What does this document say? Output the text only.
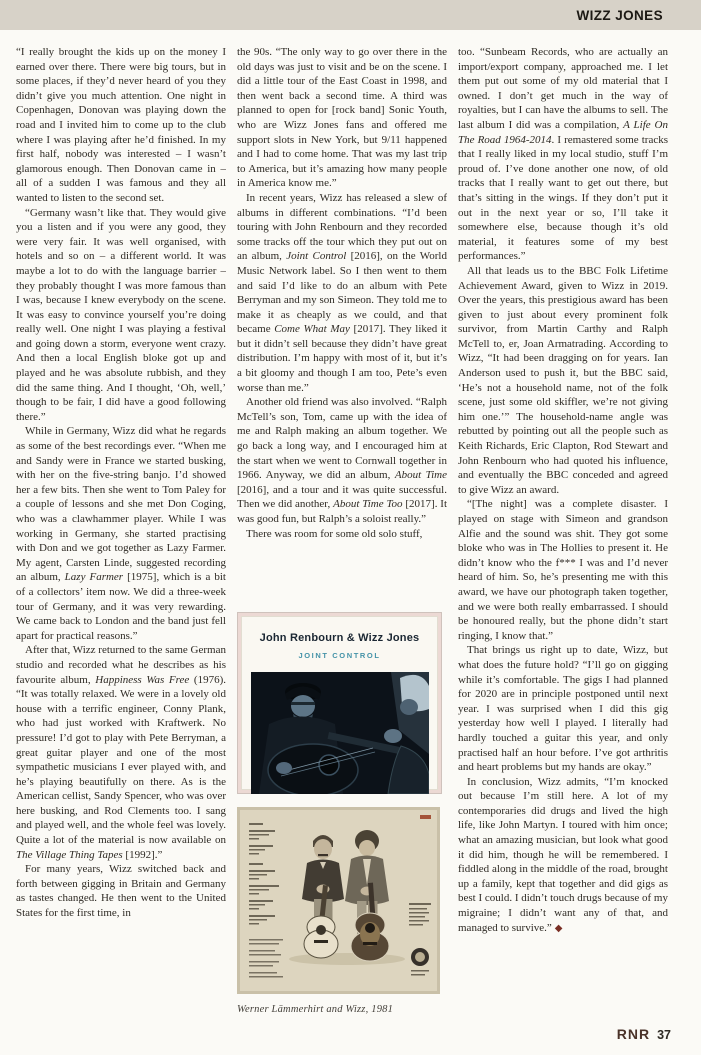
WIZZ JONES

“I really brought the kids up on the money I earned over there. There were big tours, but in some places, if they’d never heard of you they didn’t give you much attention. One night in Copenhagen, Donovan was playing down the road and I invited him to come up to the club where I was playing after he’d finished. In my first half, nobody was interested – I wasn’t glamorous enough. Then Donovan came in – all of a sudden I was famous and they all wanted to listen to the second set.

“Germany wasn’t like that. They would give you a listen and if you were any good, they were very fair. It was well organised, with hotels and so on – a different world. It was maybe a lot to do with the language barrier – they probably thought I was more famous than I was, because I knew everybody on the scene. It was easy to convince yourself you’re doing really well. One night I was playing a festival and going down a storm, everyone went crazy. And then a local English bloke got up and played and he was absolute rubbish, and they did the same thing. And I thought, ‘Oh, well,’ though to be fair, I did have a good following there.”

While in Germany, Wizz did what he regards as some of the best recordings ever. “When me and Sandy were in France we started busking, with her on the five-string banjo. I’d showed her a few bits. Then she went to Tom Paley for a couple of lessons and she met Don Coging, who was a clawhammer player. While I was working in Germany, she started practising with Don and we got together as Lazy Farmer. My agent, Carsten Linde, suggested recording an album, Lazy Farmer [1975], which is a bit of a collectors’ item now. We did a three-week tour of Germany, and it was very rewarding. We came back to London and the band just fell apart for practical reasons.”

After that, Wizz returned to the same German studio and recorded what he describes as his favourite album, Happiness Was Free (1976). “It was totally relaxed. We were in a lovely old house with a terrific engineer, Conny Plank, who had just worked with Kraftwerk. No pressure! I’d got to play with Pete Berryman, a great guitar player and one of the most sympathetic musicians I ever played with, and he’s playing beautifully on there. As is the American cellist, Sandy Spencer, who was over here busking, and Rod Clements too. I sang and played well, and the whole feel was lovely. Quite a lot of the material is now available on The Village Thing Tapes [1992].”

For many years, Wizz switched back and forth between gigging in Britain and Germany as tastes changed. He then went to the United States for the first time, in

the 90s. “The only way to go over there in the old days was just to visit and be on the scene. I did a little tour of the East Coast in 1998, and then went back a second time. A third was planned to open for [rock band] Sonic Youth, who are Wizz Jones fans and offered me support slots in New York, but 9/11 happened and I had to come home. That was my last trip to America, but it’s amazing how many people in America know me.”

In recent years, Wizz has released a slew of albums in different combinations. “I’d been touring with John Renbourn and they recorded some tracks off the tour which they put out on an album, Joint Control [2016], on the World Music Network label. So I then went to them and said I’d like to do an album with Pete Berryman and my son Simeon. They told me to make it as cheaply as we could, and that became Come What May [2017]. They liked it but it didn’t sell because they didn’t have great distribution. I’m happy with most of it, but it’s a bit gloomy and though I am too, Pete’s even worse than me.”

Another old friend was also involved. “Ralph McTell’s son, Tom, came up with the idea of me and Ralph making an album together. We go back a long way, and I encouraged him at the start when we went to Cornwall together in 1966. Anyway, we did an album, About Time [2016], and a tour and it was quite successful. Then we did another, About Time Too [2017]. It was good fun, but Ralph’s a soloist really.”

There was room for some old solo stuff,

John Renbourn & Wizz Jones
JOINT CONTROL
Werner Lämmerhirt and Wizz, 1981

too. “Sunbeam Records, who are actually an import/export company, approached me. I let them put out some of my old material that I owned. I don’t get much in the way of royalties, but I can have the albums to sell. The last album I did was a compilation, A Life On The Road 1964-2014. I remastered some tracks that I really liked in my local studio, stuff I’m proud of. I’ve done another one now, of old tracks that I really want to get out there, but that’s sitting in the wings. If they don’t put it out in the next year or so, I’ll take it somewhere else, because though it’s old material, it features some of my best performances.”

All that leads us to the BBC Folk Lifetime Achievement Award, given to Wizz in 2019. Over the years, this prestigious award has been given to just about every prominent folk survivor, from Martin Carthy and Ralph McTell to, er, Joan Armatrading. According to Wizz, “It had been dragging on for years. Ian Anderson used to push it, but the BBC said, ‘He’s not a household name, not of the folk scene, just some old skiffler, we’re not giving him one.’” The household-name angle was rebutted by pointing out all the people such as Keith Richards, Eric Clapton, Rod Stewart and John Renbourn who had quoted his influence, and eventually the BBC conceded and agreed to give Wizz an award.

“[The night] was a complete disaster. I played on stage with Simeon and grandson Alfie and the sound was shit. They got some bloke who was in The Hollies to present it. He didn’t know who the f*** I was and I’d never heard of him. So, he’s presenting me with this award, we have our photograph taken together, and we were both really embarrassed. I should be honoured really, but the phone didn’t start ringing, I know that.”

That brings us right up to date, Wizz, but what does the future hold? “I’ll go on gigging while it’s comfortable. The gigs I had planned for 2020 are in principle postponed until next year. I was surprised when I did this gig yesterday how well I played. I literally had hardly touched a guitar this year, and only practised half an hour before. I’ve got arthritis and heart problems but my hands are okay.”

In conclusion, Wizz admits, “I’m knocked out because I’m still here. A lot of my contemporaries did drugs and lived the high life, like John Martyn. I toured with him once; what an amazing musician, but look what good it did him, though he will be remembered. I fiddled along in the middle of the road, brought up a family, kept that together and did gigs as best I could. I didn’t touch drugs because of my migraine; I didn’t want any of that, and managed to survive.” ◆

RNR 37
